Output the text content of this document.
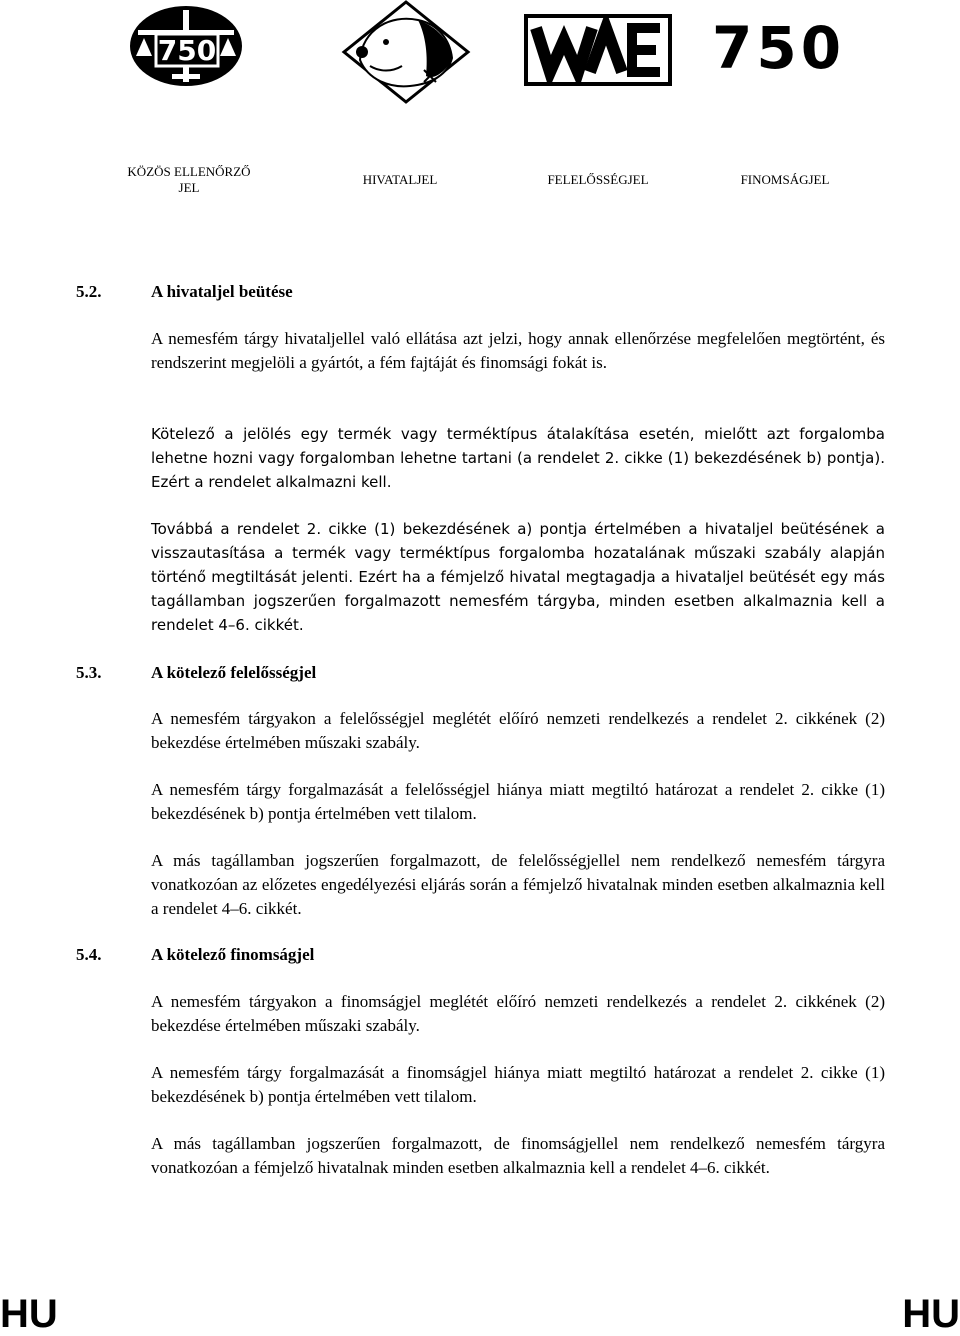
750	750
KÖZÖS ELLENŐRZŐ JEL
HIVATALJEL	FELELŐSSÉGJEL	FINOMSÁGJEL
5.2.	A hivataljel beütése
A nemesfém tárgy hivataljellel való ellátása azt jelzi, hogy annak ellenőrzése megfelelően megtörtént, és rendszerint megjelöli a gyártót, a fém fajtáját és finomsági fokát is.
Kötelező a jelölés egy termék vagy terméktípus átalakítása esetén, mielőtt azt forgalomba lehetne hozni vagy forgalomban lehetne tartani (a rendelet 2. cikke (1) bekezdésének b) pontja). Ezért a rendelet alkalmazni kell.
Továbbá a rendelet 2. cikke (1) bekezdésének a) pontja értelmében a hivataljel beütésének a visszautasítása a termék vagy terméktípus forgalomba hozatalának műszaki szabály alapján történő megtiltását jelenti. Ezért ha a fémjelző hivatal megtagadja a hivataljel beütését egy más tagállamban jogszerűen forgalmazott nemesfém tárgyba, minden esetben alkalmaznia kell a rendelet 4–6. cikkét.
5.3.	A kötelező felelősségjel
A nemesfém tárgyakon a felelősségjel meglétét előíró nemzeti rendelkezés a rendelet 2. cikkének (2) bekezdése értelmében műszaki szabály.
A nemesfém tárgy forgalmazását a felelősségjel hiánya miatt megtiltó határozat a rendelet 2. cikke (1) bekezdésének b) pontja értelmében vett tilalom.
A más tagállamban jogszerűen forgalmazott, de felelősségjellel nem rendelkező nemesfém tárgyra vonatkozóan az előzetes engedélyezési eljárás során a fémjelző hivatalnak minden esetben alkalmaznia kell a rendelet 4–6. cikkét.
5.4.	A kötelező finomságjel
A nemesfém tárgyakon a finomságjel meglétét előíró nemzeti rendelkezés a rendelet 2. cikkének (2) bekezdése értelmében műszaki szabály.
A nemesfém tárgy forgalmazását a finomságjel hiánya miatt megtiltó határozat a rendelet 2. cikke (1) bekezdésének b) pontja értelmében vett tilalom.
A más tagállamban jogszerűen forgalmazott, de finomságjellel nem rendelkező nemesfém tárgyra vonatkozóan a fémjelző hivatalnak minden esetben alkalmaznia kell a rendelet 4–6. cikkét.
HU	HU
